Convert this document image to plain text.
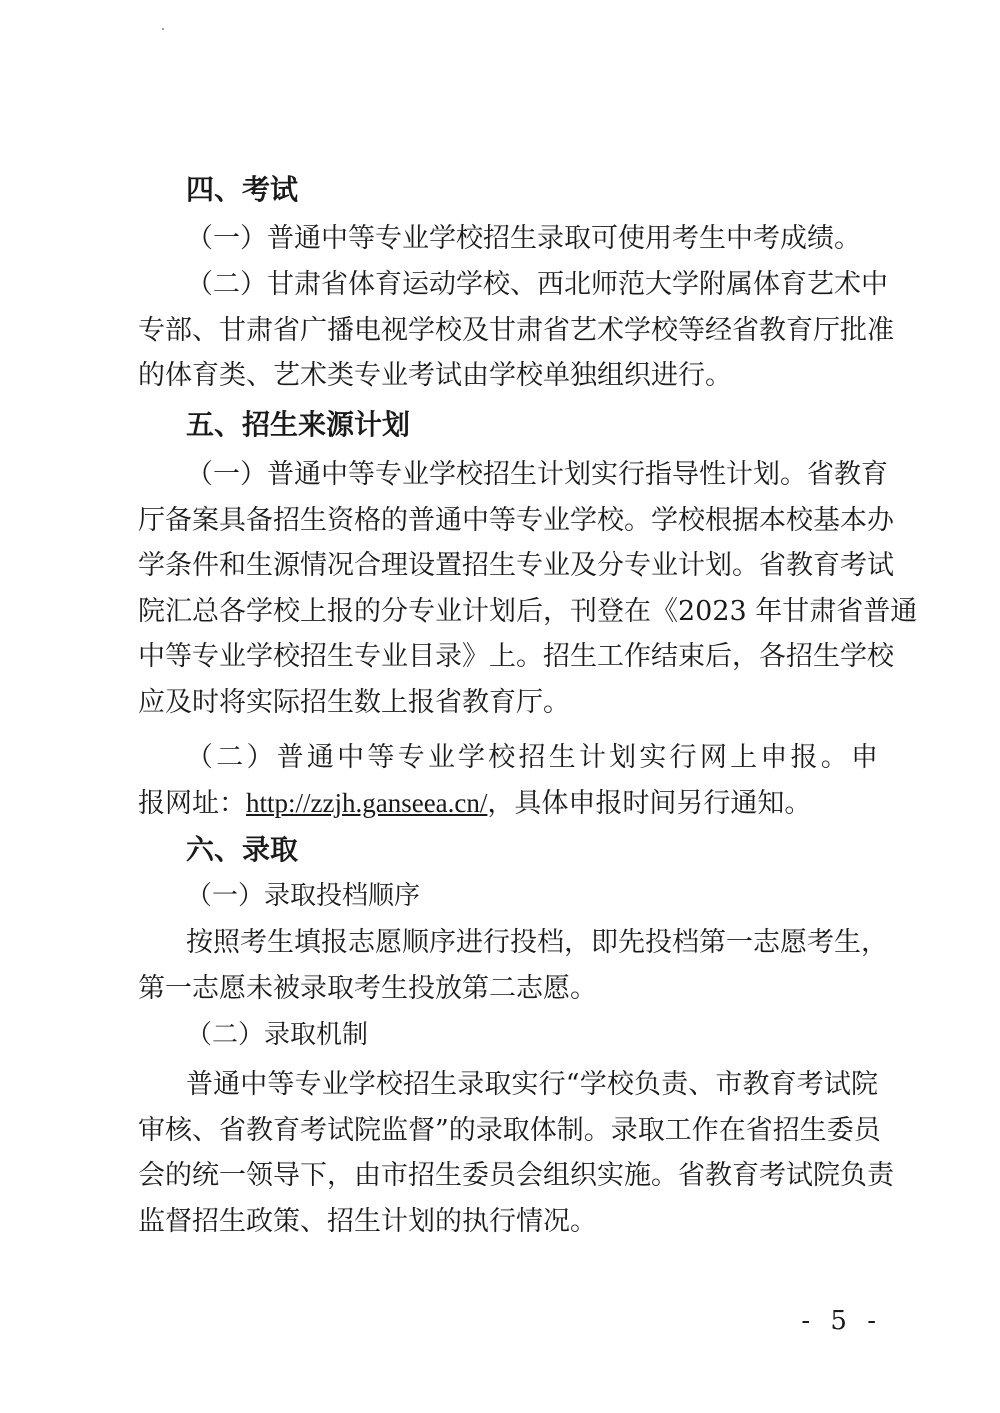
四、考试
（一）普通中等专业学校招生录取可使用考生中考成绩。
（二）甘肃省体育运动学校、西北师范大学附属体育艺术中
专部、甘肃省广播电视学校及甘肃省艺术学校等经省教育厅批准
的体育类、艺术类专业考试由学校单独组织进行。
五、招生来源计划
（一）普通中等专业学校招生计划实行指导性计划。省教育
厅备案具备招生资格的普通中等专业学校。学校根据本校基本办
学条件和生源情况合理设置招生专业及分专业计划。省教育考试
院汇总各学校上报的分专业计划后，刊登在《2023 年甘肃省普通
中等专业学校招生专业目录》上。招生工作结束后，各招生学校
应及时将实际招生数上报省教育厅。
（二）普通中等专业学校招生计划实行网上申报。申
报网址：http://zzjh.ganseea.cn/，具体申报时间另行通知。
六、录取
（一）录取投档顺序
按照考生填报志愿顺序进行投档，即先投档第一志愿考生，
第一志愿未被录取考生投放第二志愿。
（二）录取机制
普通中等专业学校招生录取实行“学校负责、市教育考试院
审核、省教育考试院监督”的录取体制。录取工作在省招生委员
会的统一领导下，由市招生委员会组织实施。省教育考试院负责
监督招生政策、招生计划的执行情况。
- 5 -
